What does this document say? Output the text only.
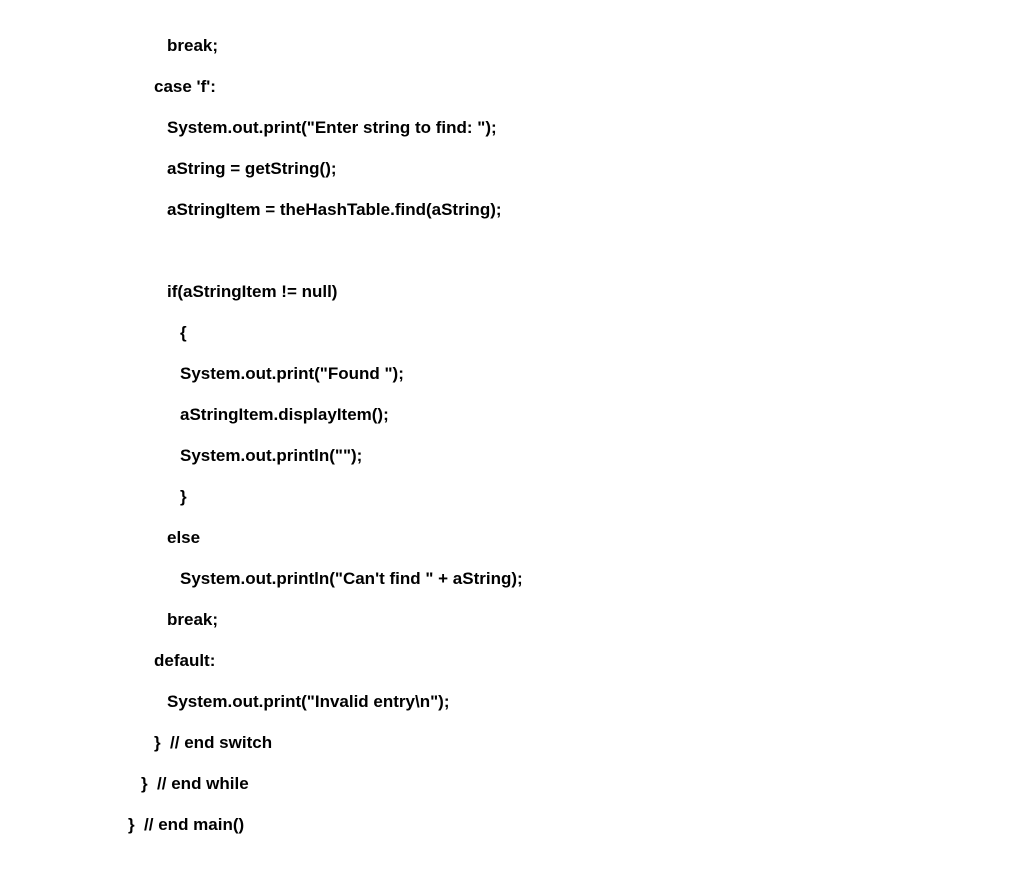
break;

case 'f':

System.out.print("Enter string to find: ");

aString = getString();

aStringItem = theHashTable.find(aString);

if(aStringItem != null)

{

System.out.print("Found ");

aStringItem.displayItem();

System.out.println("");

}

else

System.out.println("Can't find " + aString);

break;

default:

System.out.print("Invalid entry\n");

}  // end switch

}  // end while

}  // end main()
